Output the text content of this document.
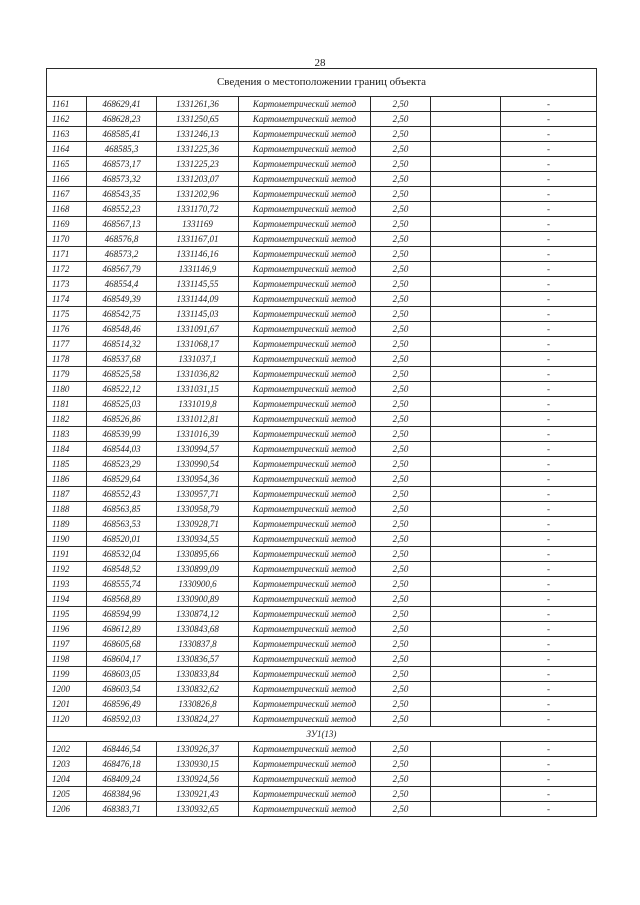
28
Сведения о местоположении границ объекта						
1161	468629,41	1331261,36	Картометрический метод	2,50		-
1162	468628,23	1331250,65	Картометрический метод	2,50		-
1163	468585,41	1331246,13	Картометрический метод	2,50		-
1164	468585,3	1331225,36	Картометрический метод	2,50		-
1165	468573,17	1331225,23	Картометрический метод	2,50		-
1166	468573,32	1331203,07	Картометрический метод	2,50		-
1167	468543,35	1331202,96	Картометрический метод	2,50		-
1168	468552,23	1331170,72	Картометрический метод	2,50		-
1169	468567,13	1331169	Картометрический метод	2,50		-
1170	468576,8	1331167,01	Картометрический метод	2,50		-
1171	468573,2	1331146,16	Картометрический метод	2,50		-
1172	468567,79	1331146,9	Картометрический метод	2,50		-
1173	468554,4	1331145,55	Картометрический метод	2,50		-
1174	468549,39	1331144,09	Картометрический метод	2,50		-
1175	468542,75	1331145,03	Картометрический метод	2,50		-
1176	468548,46	1331091,67	Картометрический метод	2,50		-
1177	468514,32	1331068,17	Картометрический метод	2,50		-
1178	468537,68	1331037,1	Картометрический метод	2,50		-
1179	468525,58	1331036,82	Картометрический метод	2,50		-
1180	468522,12	1331031,15	Картометрический метод	2,50		-
1181	468525,03	1331019,8	Картометрический метод	2,50		-
1182	468526,86	1331012,81	Картометрический метод	2,50		-
1183	468539,99	1331016,39	Картометрический метод	2,50		-
1184	468544,03	1330994,57	Картометрический метод	2,50		-
1185	468523,29	1330990,54	Картометрический метод	2,50		-
1186	468529,64	1330954,36	Картометрический метод	2,50		-
1187	468552,43	1330957,71	Картометрический метод	2,50		-
1188	468563,85	1330958,79	Картометрический метод	2,50		-
1189	468563,53	1330928,71	Картометрический метод	2,50		-
1190	468520,01	1330934,55	Картометрический метод	2,50		-
1191	468532,04	1330895,66	Картометрический метод	2,50		-
1192	468548,52	1330899,09	Картометрический метод	2,50		-
1193	468555,74	1330900,6	Картометрический метод	2,50		-
1194	468568,89	1330900,89	Картометрический метод	2,50		-
1195	468594,99	1330874,12	Картометрический метод	2,50		-
1196	468612,89	1330843,68	Картометрический метод	2,50		-
1197	468605,68	1330837,8	Картометрический метод	2,50		-
1198	468604,17	1330836,57	Картометрический метод	2,50		-
1199	468603,05	1330833,84	Картометрический метод	2,50		-
1200	468603,54	1330832,62	Картометрический метод	2,50		-
1201	468596,49	1330826,8	Картометрический метод	2,50		-
1120	468592,03	1330824,27	Картометрический метод	2,50		-
ЗУ1(13)						
1202	468446,54	1330926,37	Картометрический метод	2,50		-
1203	468476,18	1330930,15	Картометрический метод	2,50		-
1204	468409,24	1330924,56	Картометрический метод	2,50		-
1205	468384,96	1330921,43	Картометрический метод	2,50		-
1206	468383,71	1330932,65	Картометрический метод	2,50		-
